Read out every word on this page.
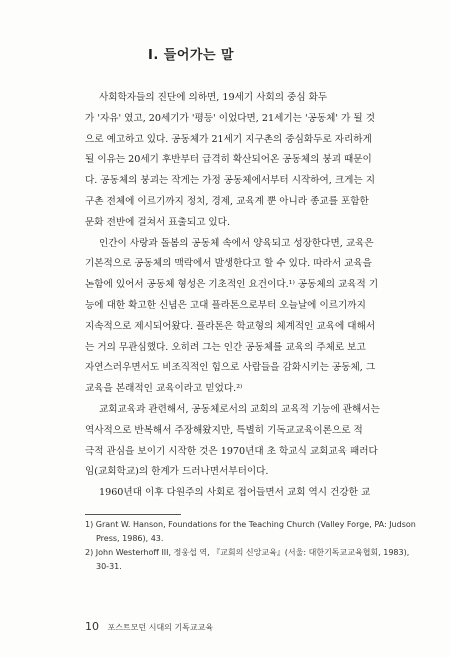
Ⅰ. 들어가는 말

사회학자들의 진단에 의하면, 19세기 사회의 중심 화두
가 '자유' 였고, 20세기가 '평등' 이었다면, 21세기는 '공동체' 가 될 것
으로 예고하고 있다. 공동체가 21세기 지구촌의 중심화두로 자리하게
될 이유는 20세기 후반부터 급격히 확산되어온 공동체의 붕괴 때문이
다. 공동체의 붕괴는 작게는 가정 공동체에서부터 시작하여, 크게는 지
구촌 전체에 이르기까지 정치, 경제, 교육계 뿐 아니라 종교를 포함한
문화 전반에 걸쳐서 표출되고 있다.

인간이 사랑과 돌봄의 공동체 속에서 양육되고 성장한다면, 교육은
기본적으로 공동체의 맥락에서 발생한다고 할 수 있다. 따라서 교육을
논함에 있어서 공동체 형성은 기초적인 요건이다.¹⁾ 공동체의 교육적 기
능에 대한 확고한 신념은 고대 플라톤으로부터 오늘날에 이르기까지
지속적으로 제시되어왔다. 플라톤은 학교형의 체계적인 교육에 대해서
는 거의 무관심했다. 오히려 그는 인간 공동체를 교육의 주체로 보고
자연스러우면서도 비조직적인 힘으로 사람들을 감화시키는 공동체, 그
교육을 본래적인 교육이라고 믿었다.²⁾

교회교육과 관련해서, 공동체로서의 교회의 교육적 기능에 관해서는
역사적으로 반복해서 주장해왔지만, 특별히 기독교교육이론으로 적
극적 관심을 보이기 시작한 것은 1970년대 초 학교식 교회교육 패러다
임(교회학교)의 한계가 드러나면서부터이다.

1960년대 이후 다원주의 사회로 접어들면서 교회 역시 건강한 교

1) Grant W. Hanson, Foundations for the Teaching Church (Valley Forge, PA: Judson
Press, 1986), 43.
2) John Westerhoff III, 정웅섭 역, 『교회의 신앙교육』(서울: 대한기독교교육협회, 1983),
30-31.
10 포스트모던 시대의 기독교교육
